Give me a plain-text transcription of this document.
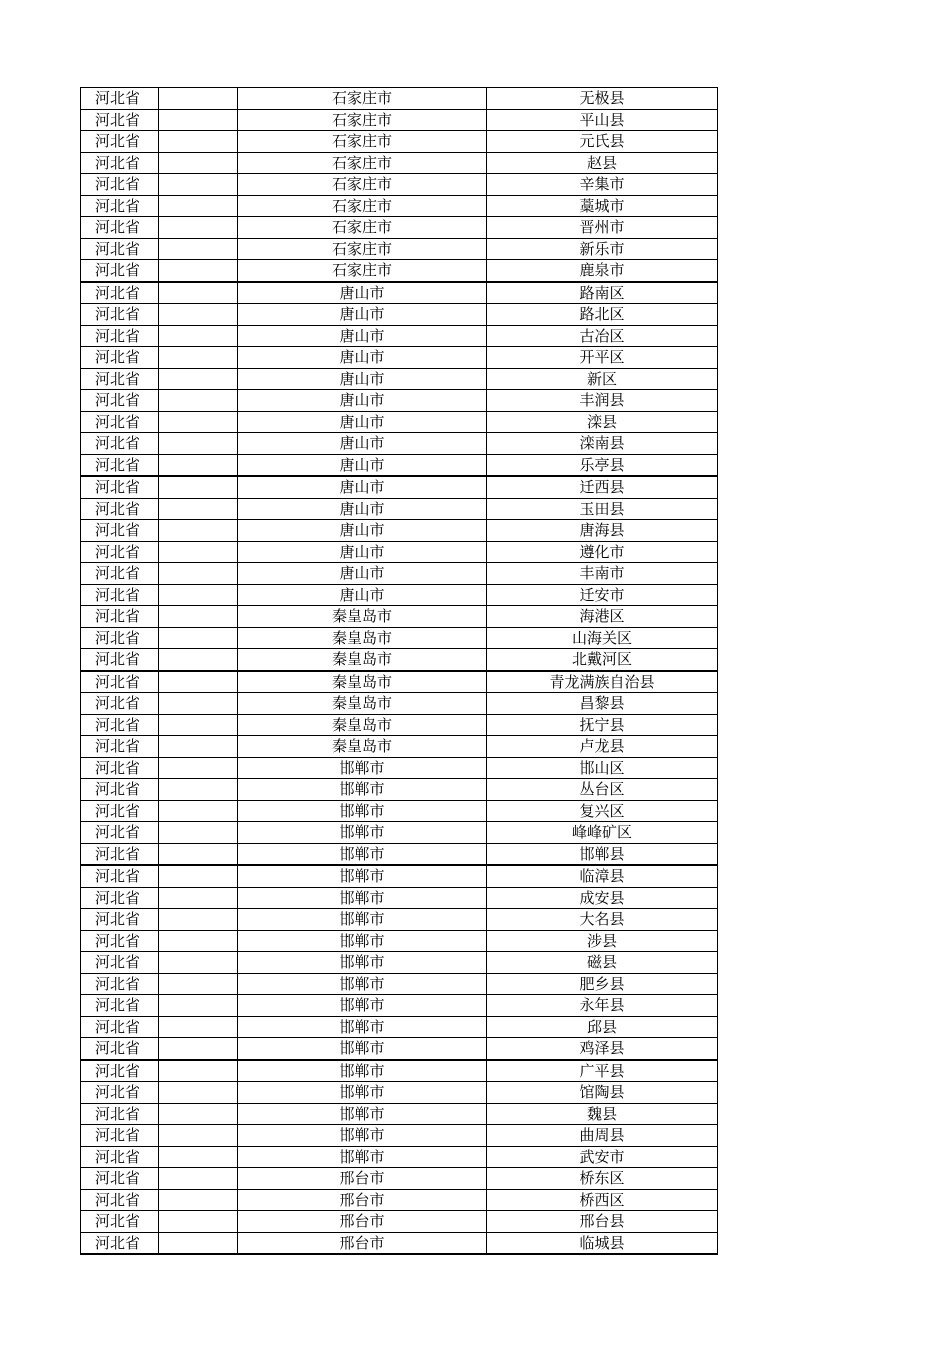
河北省		石家庄市	无极县
河北省		石家庄市	平山县
河北省		石家庄市	元氏县
河北省		石家庄市	赵县
河北省		石家庄市	辛集市
河北省		石家庄市	藁城市
河北省		石家庄市	晋州市
河北省		石家庄市	新乐市
河北省		石家庄市	鹿泉市
河北省		唐山市	路南区
河北省		唐山市	路北区
河北省		唐山市	古冶区
河北省		唐山市	开平区
河北省		唐山市	新区
河北省		唐山市	丰润县
河北省		唐山市	滦县
河北省		唐山市	滦南县
河北省		唐山市	乐亭县
河北省		唐山市	迁西县
河北省		唐山市	玉田县
河北省		唐山市	唐海县
河北省		唐山市	遵化市
河北省		唐山市	丰南市
河北省		唐山市	迁安市
河北省		秦皇岛市	海港区
河北省		秦皇岛市	山海关区
河北省		秦皇岛市	北戴河区
河北省		秦皇岛市	青龙满族自治县
河北省		秦皇岛市	昌黎县
河北省		秦皇岛市	抚宁县
河北省		秦皇岛市	卢龙县
河北省		邯郸市	邯山区
河北省		邯郸市	丛台区
河北省		邯郸市	复兴区
河北省		邯郸市	峰峰矿区
河北省		邯郸市	邯郸县
河北省		邯郸市	临漳县
河北省		邯郸市	成安县
河北省		邯郸市	大名县
河北省		邯郸市	涉县
河北省		邯郸市	磁县
河北省		邯郸市	肥乡县
河北省		邯郸市	永年县
河北省		邯郸市	邱县
河北省		邯郸市	鸡泽县
河北省		邯郸市	广平县
河北省		邯郸市	馆陶县
河北省		邯郸市	魏县
河北省		邯郸市	曲周县
河北省		邯郸市	武安市
河北省		邢台市	桥东区
河北省		邢台市	桥西区
河北省		邢台市	邢台县
河北省		邢台市	临城县
